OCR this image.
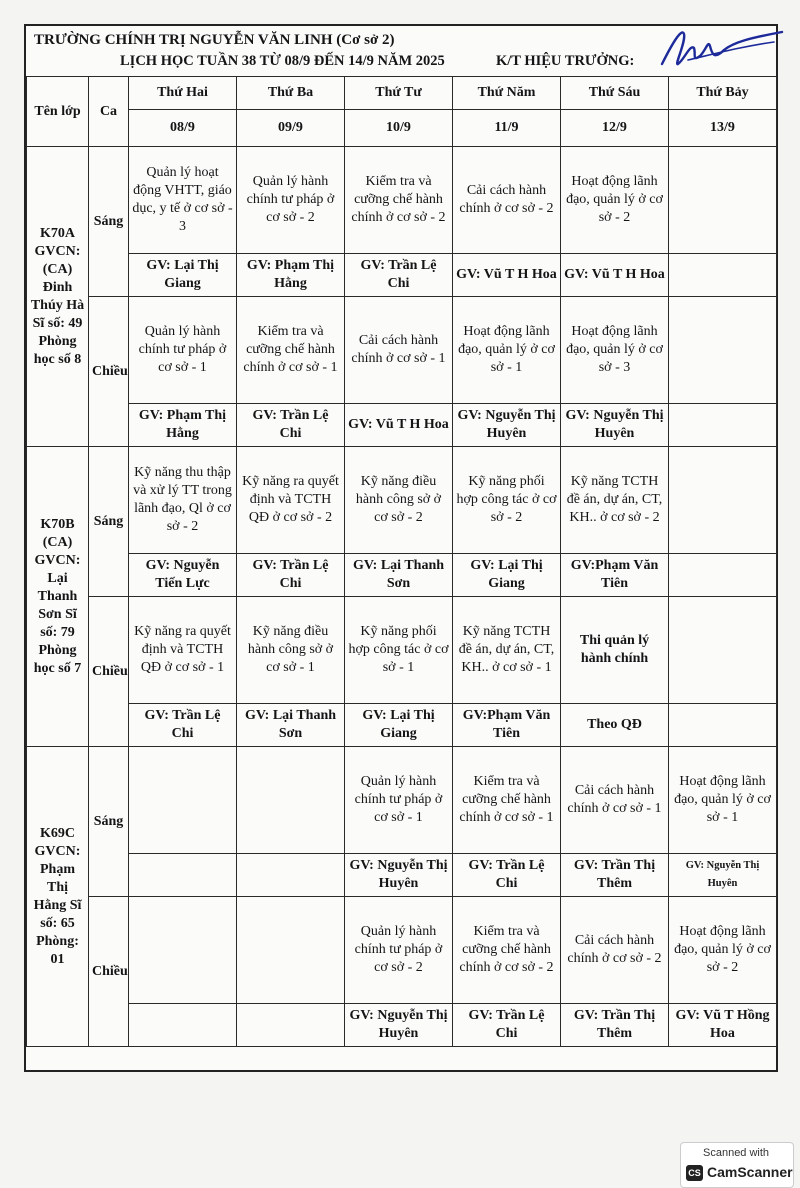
TRƯỜNG CHÍNH TRỊ NGUYỄN VĂN LINH (Cơ sở 2)
LỊCH HỌC TUẦN 38 TỪ 08/9 ĐẾN 14/9 NĂM 2025	K/T HIỆU TRƯỞNG:
Tên lớp	Ca	Thứ Hai	Thứ Ba	Thứ Tư	Thứ Năm	Thứ Sáu	Thứ Bảy
		08/9	09/9	10/9	11/9	12/9	13/9
K70A GVCN: (CA) Đinh Thúy Hà Sĩ số: 49 Phòng học số 8	Sáng	Quản lý hoạt động VHTT, giáo dục, y tế ở cơ sở - 3	Quản lý hành chính tư pháp ở cơ sở - 2	Kiểm tra và cưỡng chế hành chính ở cơ sở - 2	Cải cách hành chính ở cơ sở - 2	Hoạt động lãnh đạo, quản lý ở cơ sở - 2	
		GV: Lại Thị Giang	GV: Phạm Thị Hằng	GV: Trần Lệ Chi	GV: Vũ T H Hoa	GV: Vũ T H Hoa	
	Chiều	Quản lý hành chính tư pháp ở cơ sở - 1	Kiểm tra và cưỡng chế hành chính ở cơ sở - 1	Cải cách hành chính ở cơ sở - 1	Hoạt động lãnh đạo, quản lý ở cơ sở - 1	Hoạt động lãnh đạo, quản lý ở cơ sở - 3	
		GV: Phạm Thị Hằng	GV: Trần Lệ Chi	GV: Vũ T H Hoa	GV: Nguyễn Thị Huyên	GV: Nguyễn Thị Huyên	
K70B (CA) GVCN: Lại Thanh Sơn Sĩ số: 79 Phòng học số 7	Sáng	Kỹ năng thu thập và xử lý TT trong lãnh đạo, Ql ở cơ sở - 2	Kỹ năng ra quyết định và TCTH QĐ ở cơ sở - 2	Kỹ năng điều hành công sở ở cơ sở - 2	Kỹ năng phối hợp công tác ở cơ sở - 2	Kỹ năng TCTH đề án, dự án, CT, KH.. ở cơ sở - 2	
		GV: Nguyễn Tiến Lực	GV: Trần Lệ Chi	GV: Lại Thanh Sơn	GV: Lại Thị Giang	GV:Phạm Văn Tiên	
	Chiều	Kỹ năng ra quyết định và TCTH QĐ ở cơ sở - 1	Kỹ năng điều hành công sở ở cơ sở - 1	Kỹ năng phối hợp công tác ở cơ sở - 1	Kỹ năng TCTH đề án, dự án, CT, KH.. ở cơ sở - 1	Thi quản lý hành chính	
		GV: Trần Lệ Chi	GV: Lại Thanh Sơn	GV: Lại Thị Giang	GV:Phạm Văn Tiên	Theo QĐ	
K69C GVCN: Phạm Thị Hằng Sĩ số: 65 Phòng: 01	Sáng			Quản lý hành chính tư pháp ở cơ sở - 1	Kiểm tra và cưỡng chế hành chính ở cơ sở - 1	Cải cách hành chính ở cơ sở - 1	Hoạt động lãnh đạo, quản lý ở cơ sở - 1
				GV: Nguyễn Thị Huyên	GV: Trần Lệ Chi	GV: Trần Thị Thêm	GV: Nguyễn Thị Huyên
	Chiều			Quản lý hành chính tư pháp ở cơ sở - 2	Kiểm tra và cưỡng chế hành chính ở cơ sở - 2	Cải cách hành chính ở cơ sở - 2	Hoạt động lãnh đạo, quản lý ở cơ sở - 2
				GV: Nguyễn Thị Huyên	GV: Trần Lệ Chi	GV: Trần Thị Thêm	GV: Vũ T Hồng Hoa
CS
Scanned with
CamScanner
